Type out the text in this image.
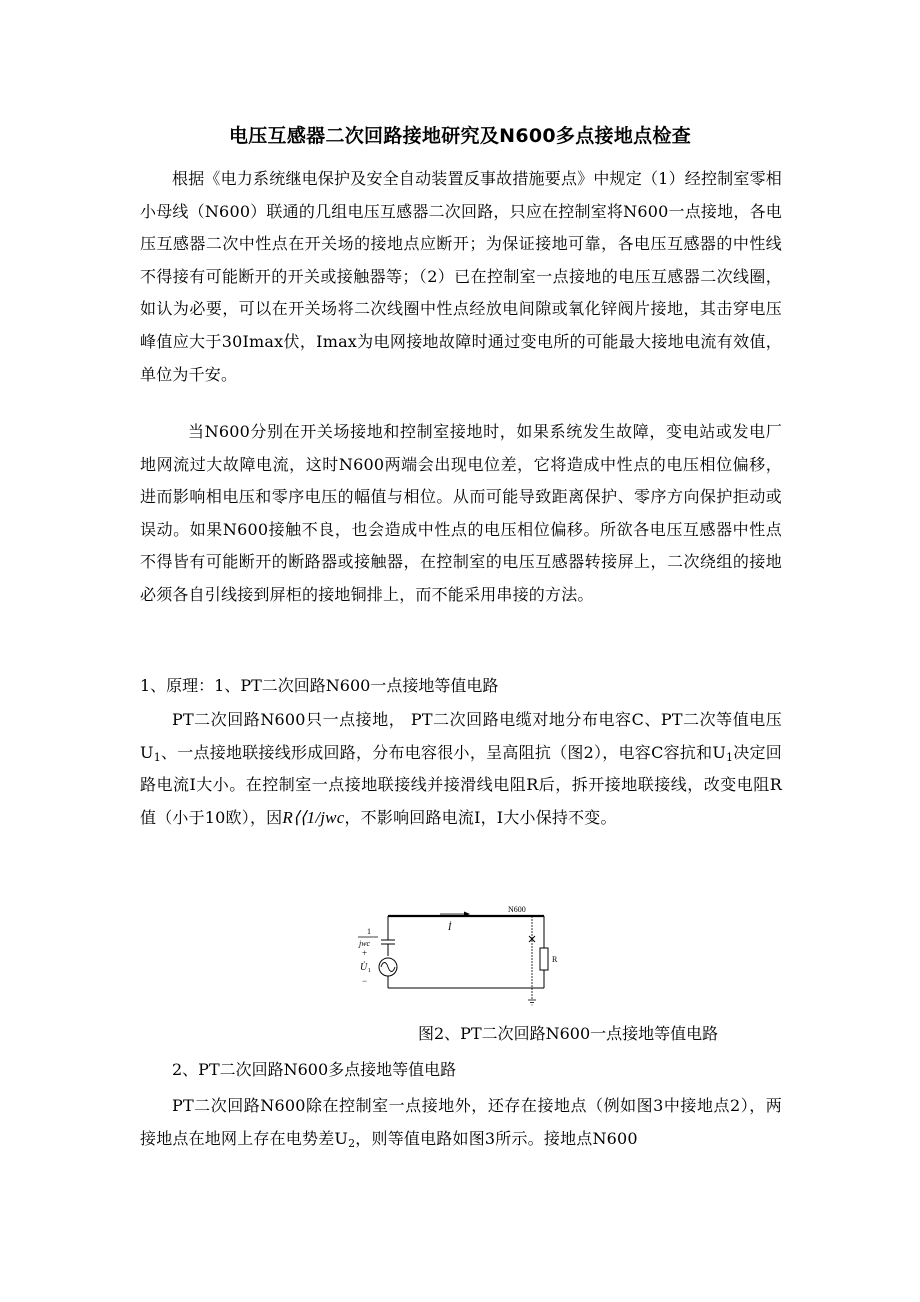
电压互感器二次回路接地研究及N600多点接地点检查
根据《电力系统继电保护及安全自动装置反事故措施要点》中规定（1）经控制室零相小母线（N600）联通的几组电压互感器二次回路，只应在控制室将N600一点接地，各电压互感器二次中性点在开关场的接地点应断开；为保证接地可靠，各电压互感器的中性线不得接有可能断开的开关或接触器等；（2）已在控制室一点接地的电压互感器二次线圈，如认为必要，可以在开关场将二次线圈中性点经放电间隙或氧化锌阀片接地，其击穿电压峰值应大于30Imax伏，Imax为电网接地故障时通过变电所的可能最大接地电流有效值，单位为千安。
当N600分别在开关场接地和控制室接地时，如果系统发生故障，变电站或发电厂地网流过大故障电流，这时N600两端会出现电位差，它将造成中性点的电压相位偏移，进而影响相电压和零序电压的幅值与相位。从而可能导致距离保护、零序方向保护拒动或误动。如果N600接触不良，也会造成中性点的电压相位偏移。所欲各电压互感器中性点不得皆有可能断开的断路器或接触器，在控制室的电压互感器转接屏上，二次绕组的接地必须各自引线接到屏柜的接地铜排上，而不能采用串接的方法。
1、原理：1、PT二次回路N600一点接地等值电路
PT二次回路N600只一点接地， PT二次回路电缆对地分布电容C、PT二次等值电压$U_1$、一点接地联接线形成回路，分布电容很小，呈高阻抗（图2），电容C容抗和$U_1$决定回路电流I大小。在控制室一点接地联接线并接滑线电阻R后，拆开接地联接线，改变电阻R值（小于10欧），因R⟨⟨1/jwc，不影响回路电流I，I大小保持不变。
İ
N600
1
jwc
+
U̇ 1
−
R
图2、PT二次回路N600一点接地等值电路
2、PT二次回路N600多点接地等值电路
PT二次回路N600除在控制室一点接地外，还存在接地点（例如图3中接地点2），两接地点在地网上存在电势差$U_2$，则等值电路如图3所示。接地点N600
